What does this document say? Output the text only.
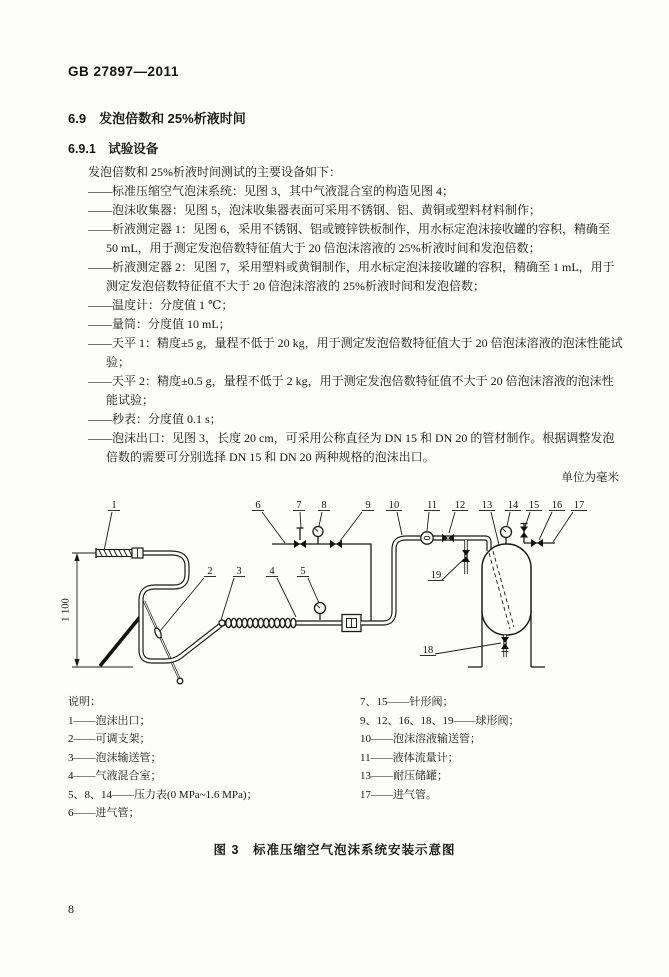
GB 27897—2011
6.9　发泡倍数和 25%析液时间
6.9.1　试验设备

发泡倍数和 25%析液时间测试的主要设备如下：

——标准压缩空气泡沫系统：见图 3，其中气液混合室的构造见图 4；
——泡沫收集器：见图 5，泡沫收集器表面可采用不锈钢、铝、黄铜或塑料材料制作；
——析液测定器 1：见图 6，采用不锈钢、铝或镀锌铁板制作，用水标定泡沫接收罐的容积，精确至 50 mL，用于测定发泡倍数特征值大于 20 倍泡沫溶液的 25%析液时间和发泡倍数；
——析液测定器 2：见图 7，采用塑料或黄铜制作，用水标定泡沫接收罐的容积，精确至 1 mL，用于测定发泡倍数特征值不大于 20 倍泡沫溶液的 25%析液时间和发泡倍数；
——温度计：分度值 1 ℃；
——量筒：分度值 10 mL；
——天平 1：精度±5 g，量程不低于 20 kg，用于测定发泡倍数特征值大于 20 倍泡沫溶液的泡沫性能试验；
——天平 2：精度±0.5 g，量程不低于 2 kg，用于测定发泡倍数特征值不大于 20 倍泡沫溶液的泡沫性能试验；
——秒表：分度值 0.1 s；
——泡沫出口：见图 3，长度 20 cm，可采用公称直径为 DN 15 和 DN 20 的管材制作。根据调整发泡倍数的需要可分别选择 DN 15 和 DN 20 两种规格的泡沫出口。
单位为毫米
1 100
1
2 3	4 5
6	7 8	9 10	11 12 13 14 15 16 17
19
18
说明：
1——泡沫出口；
2——可调支架；
3——泡沫输送管；
4——气液混合室；
5、8、14——压力表(0 MPa~1.6 MPa)；
6——进气管；
7、15——针形阀；
9、12、16、18、19——球形阀；
10——泡沫溶液输送管；
11——液体流量计；
13——耐压储罐；
17——进气管。
图 3　标准压缩空气泡沫系统安装示意图
8
